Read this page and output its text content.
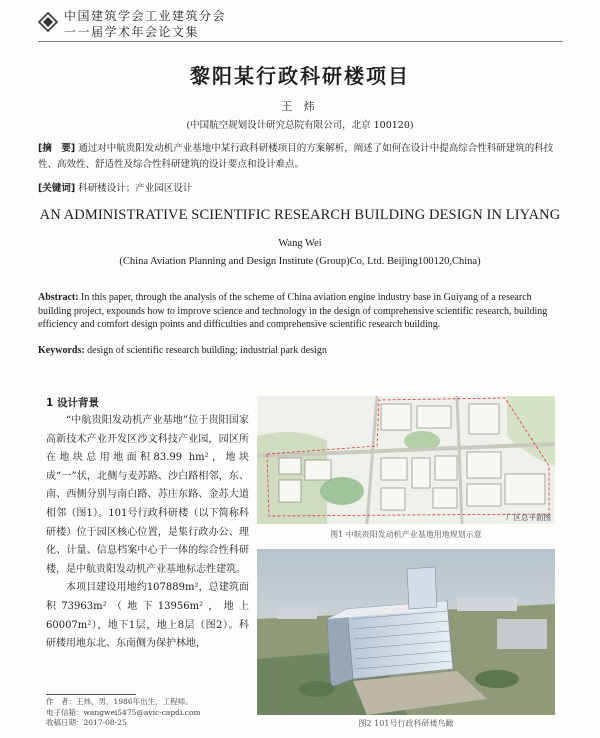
中国建筑学会工业建筑分会
一一届学术年会论文集
黎阳某行政科研楼项目
王 炜
(中国航空规划设计研究总院有限公司，北京 100120)
[摘　要] 通过对中航贵阳发动机产业基地中某行政科研楼项目的方案解析，阐述了如何在设计中提高综合性科研建筑的科技性、高效性、舒适性及综合性科研建筑的设计要点和设计难点。
[关键词] 科研楼设计；产业园区设计
AN ADMINISTRATIVE SCIENTIFIC RESEARCH BUILDING DESIGN IN LIYANG
Wang Wei
(China Aviation Planning and Design Institute (Group)Co, Ltd. Beijing100120,China)
Abstract: In this paper, through the analysis of the scheme of China aviation engine industry base in Guiyang of a research building project, expounds how to improve science and technology in the design of comprehensive scientific research, building efficiency and comfort design points and difficulties and comprehensive scientific research building.
Keywords: design of scientific research building; industrial park design
1 设计背景

“中航贵阳发动机产业基地”位于贵阳国家高新技术产业开发区沙文科技产业园，园区所在地块总用地面积83.99 hm²，地块成“一”状，北侧与麦苏路、沙白路相邻，东、南、西侧分别与南白路、苏庄东路、金苏大道相邻（图1）。101号行政科研楼（以下简称科研楼）位于园区核心位置，是集行政办公、理化、计量、信息档案中心于一体的综合性科研楼，是中航贵阳发动机产业基地标志性建筑。

本项目建设用地约107889m²，总建筑面积73963m²（地下13956m²，地上60007m²），地下1层，地上8层（图2）。科研楼用地东北、东南侧为保护林地，

厂区总平面图
图1 中航贵阳发动机产业基地用地规划示意
图2 101号行政科研楼鸟瞰
作　者：王炜，男，1986年出生，工程师。
电子信箱：wangwei5475@avic-capdi.com
收稿日期：2017-08-25
